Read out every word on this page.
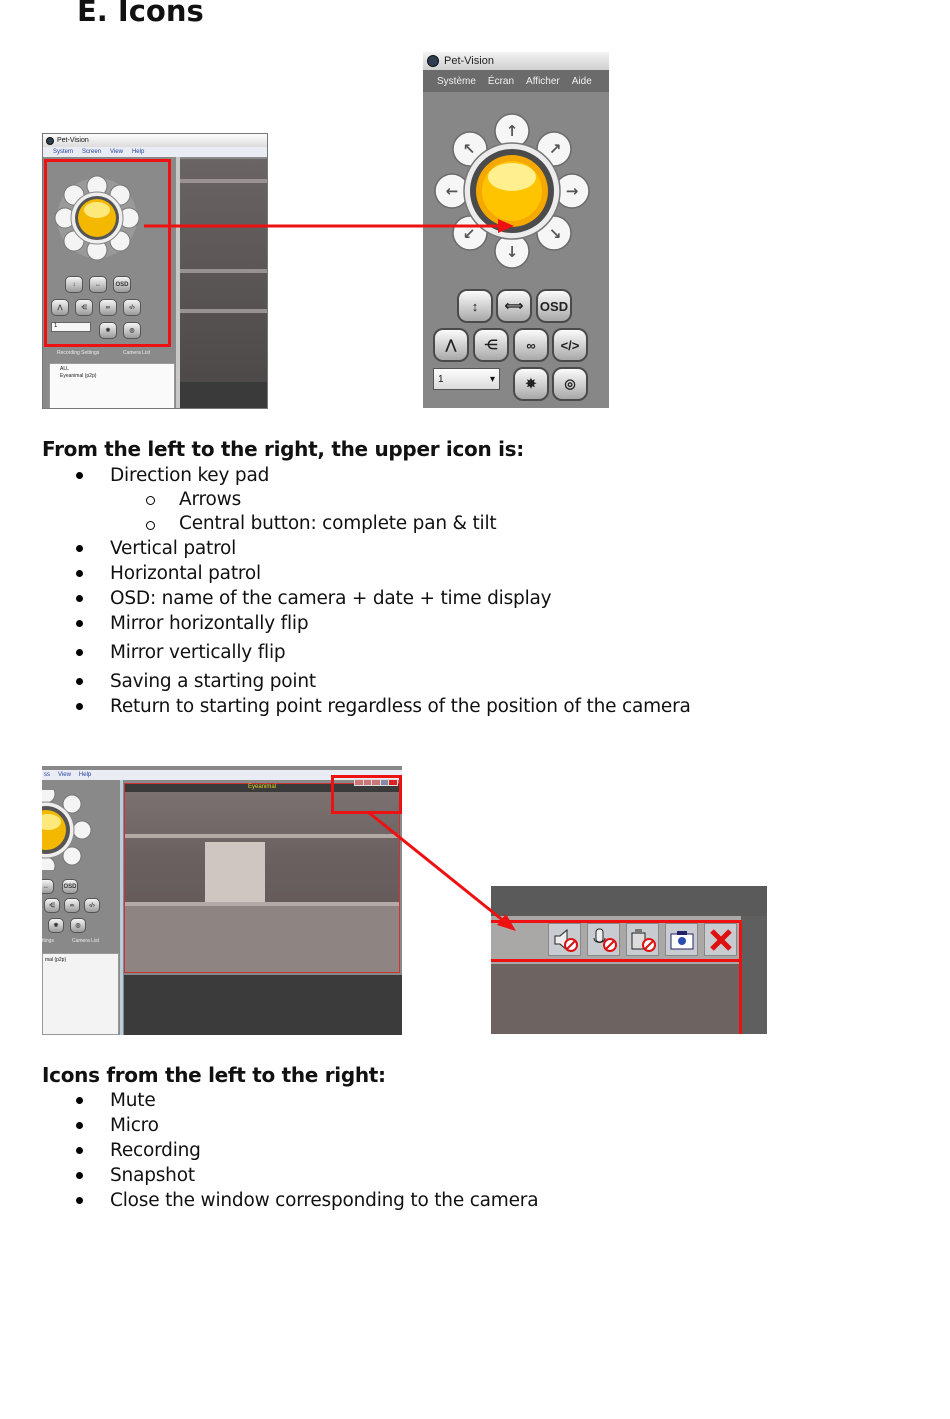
E. Icons
Pet-Vision
System Screen View Help
↕	↔	OSD
⋀	⋲	∞	‹/›
1
✸	◎
Recording Settings	Camera List
ALL
Eyeanimal (p2p)
Pet-Vision
Système Écran Afficher Aide
↑
↓
←	→
↖	↗
↙	↘
↕	⟺	OSD
⋀	⋲	∞	</>
1	▾	✸	◎
From the left to the right, the upper icon is:
Direction key pad
Arrows
Central button: complete pan & tilt
Vertical patrol
Horizontal patrol
OSD: name of the camera + date + time display
Mirror horizontally flip
Mirror vertically flip
Saving a starting point
Return to starting point regardless of the position of the camera
ss View Help
↔	OSD
⋲	∞	‹/›
✸	◎
ttings	Camera List
mal (p2p)
Eyeanimal
Icons from the left to the right:
Mute
Micro
Recording
Snapshot
Close the window corresponding to the camera
